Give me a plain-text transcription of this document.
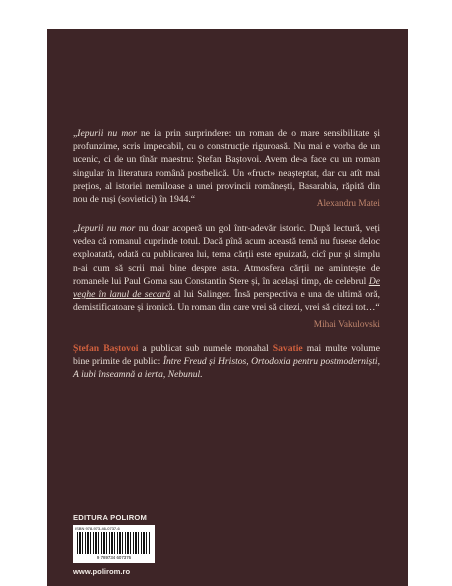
„Iepurii nu mor ne ia prin surprindere: un roman de o mare sensibilitate și profunzime, scris impecabil, cu o construcție riguroasă. Nu mai e vorba de un ucenic, ci de un tînăr maestru: Ștefan Baștovoi. Avem de-a face cu un roman singular în literatura română postbelică. Un «fruct» neașteptat, dar cu atît mai prețios, al istoriei nemiloase a unei provincii românești, Basarabia, răpită din nou de ruși (sovietici) în 1944.“	Alexandru Matei

„Iepurii nu mor nu doar acoperă un gol într-adevăr istoric. După lectură, veți vedea că romanul cuprinde totul. Dacă pînă acum această temă nu fusese deloc exploatată, odată cu publicarea lui, tema cărții este epuizată, cicî pur și simplu n-ai cum să scrii mai bine despre asta. Atmosfera cărții ne amintește de romanele lui Paul Goma sau Constantin Stere și, în același timp, de celebrul De veghe în lanul de secară al lui Salinger. Însă perspectiva e una de ultimă oră, demistificatoare și ironică. Un roman din care vrei să citezi, vrei să citezi tot…“

Mihai Vakulovski

Ștefan Baștovoi a publicat sub numele monahal Savatie mai multe volume bine primite de public: Între Freud și Hristos, Ortodoxia pentru postmoderniști, A iubi înseamnă a ierta, Nebunul.

EDITURA POLIROM
ISBN 978-973-46-0737-6
9 789734 607376
www.polirom.ro
